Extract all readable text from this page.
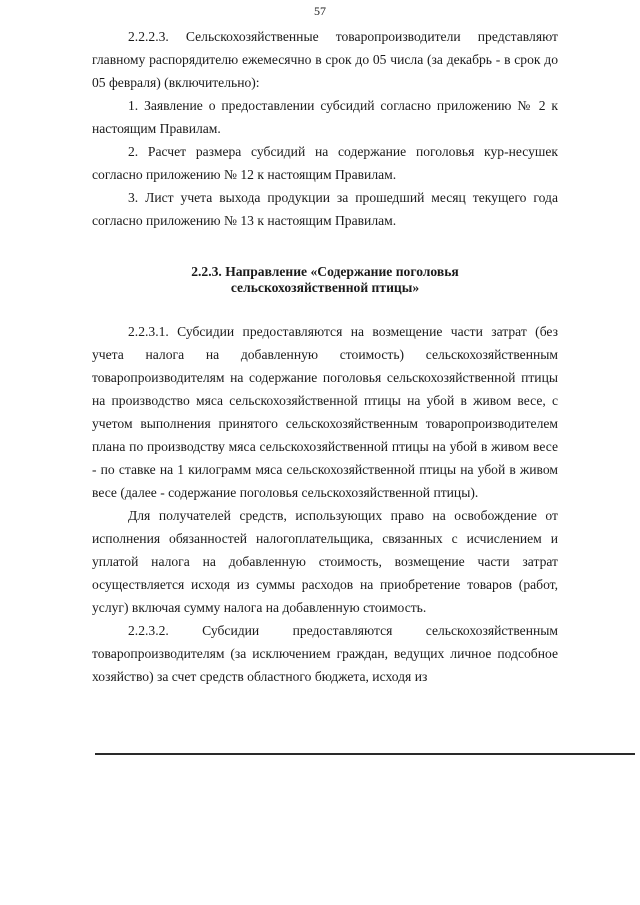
57

2.2.2.3. Сельскохозяйственные товаропроизводители представляют главному распорядителю ежемесячно в срок до 05 числа (за декабрь - в срок до 05 февраля) (включительно):

1. Заявление о предоставлении субсидий согласно приложению № 2 к настоящим Правилам.

2. Расчет размера субсидий на содержание поголовья кур-несушек согласно приложению № 12 к настоящим Правилам.

3. Лист учета выхода продукции за прошедший месяц текущего года согласно приложению № 13 к настоящим Правилам.

2.2.3. Направление «Содержание поголовья
сельскохозяйственной птицы»

2.2.3.1. Субсидии предоставляются на возмещение части затрат (без учета налога на добавленную стоимость) сельскохозяйственным товаропроизводителям на содержание поголовья сельскохозяйственной птицы на производство мяса сельскохозяйственной птицы на убой в живом весе, с учетом выполнения принятого сельскохозяйственным товаропроизводителем плана по производству мяса сельскохозяйственной птицы на убой в живом весе - по ставке на 1 килограмм мяса сельскохозяйственной птицы на убой в живом весе (далее - содержание поголовья сельскохозяйственной птицы).

Для получателей средств, использующих право на освобождение от исполнения обязанностей налогоплательщика, связанных с исчислением и уплатой налога на добавленную стоимость, возмещение части затрат осуществляется исходя из суммы расходов на приобретение товаров (работ, услуг) включая сумму налога на добавленную стоимость.

2.2.3.2. Субсидии предоставляются сельскохозяйственным товаропроизводителям (за исключением граждан, ведущих личное подсобное хозяйство) за счет средств областного бюджета, исходя из
